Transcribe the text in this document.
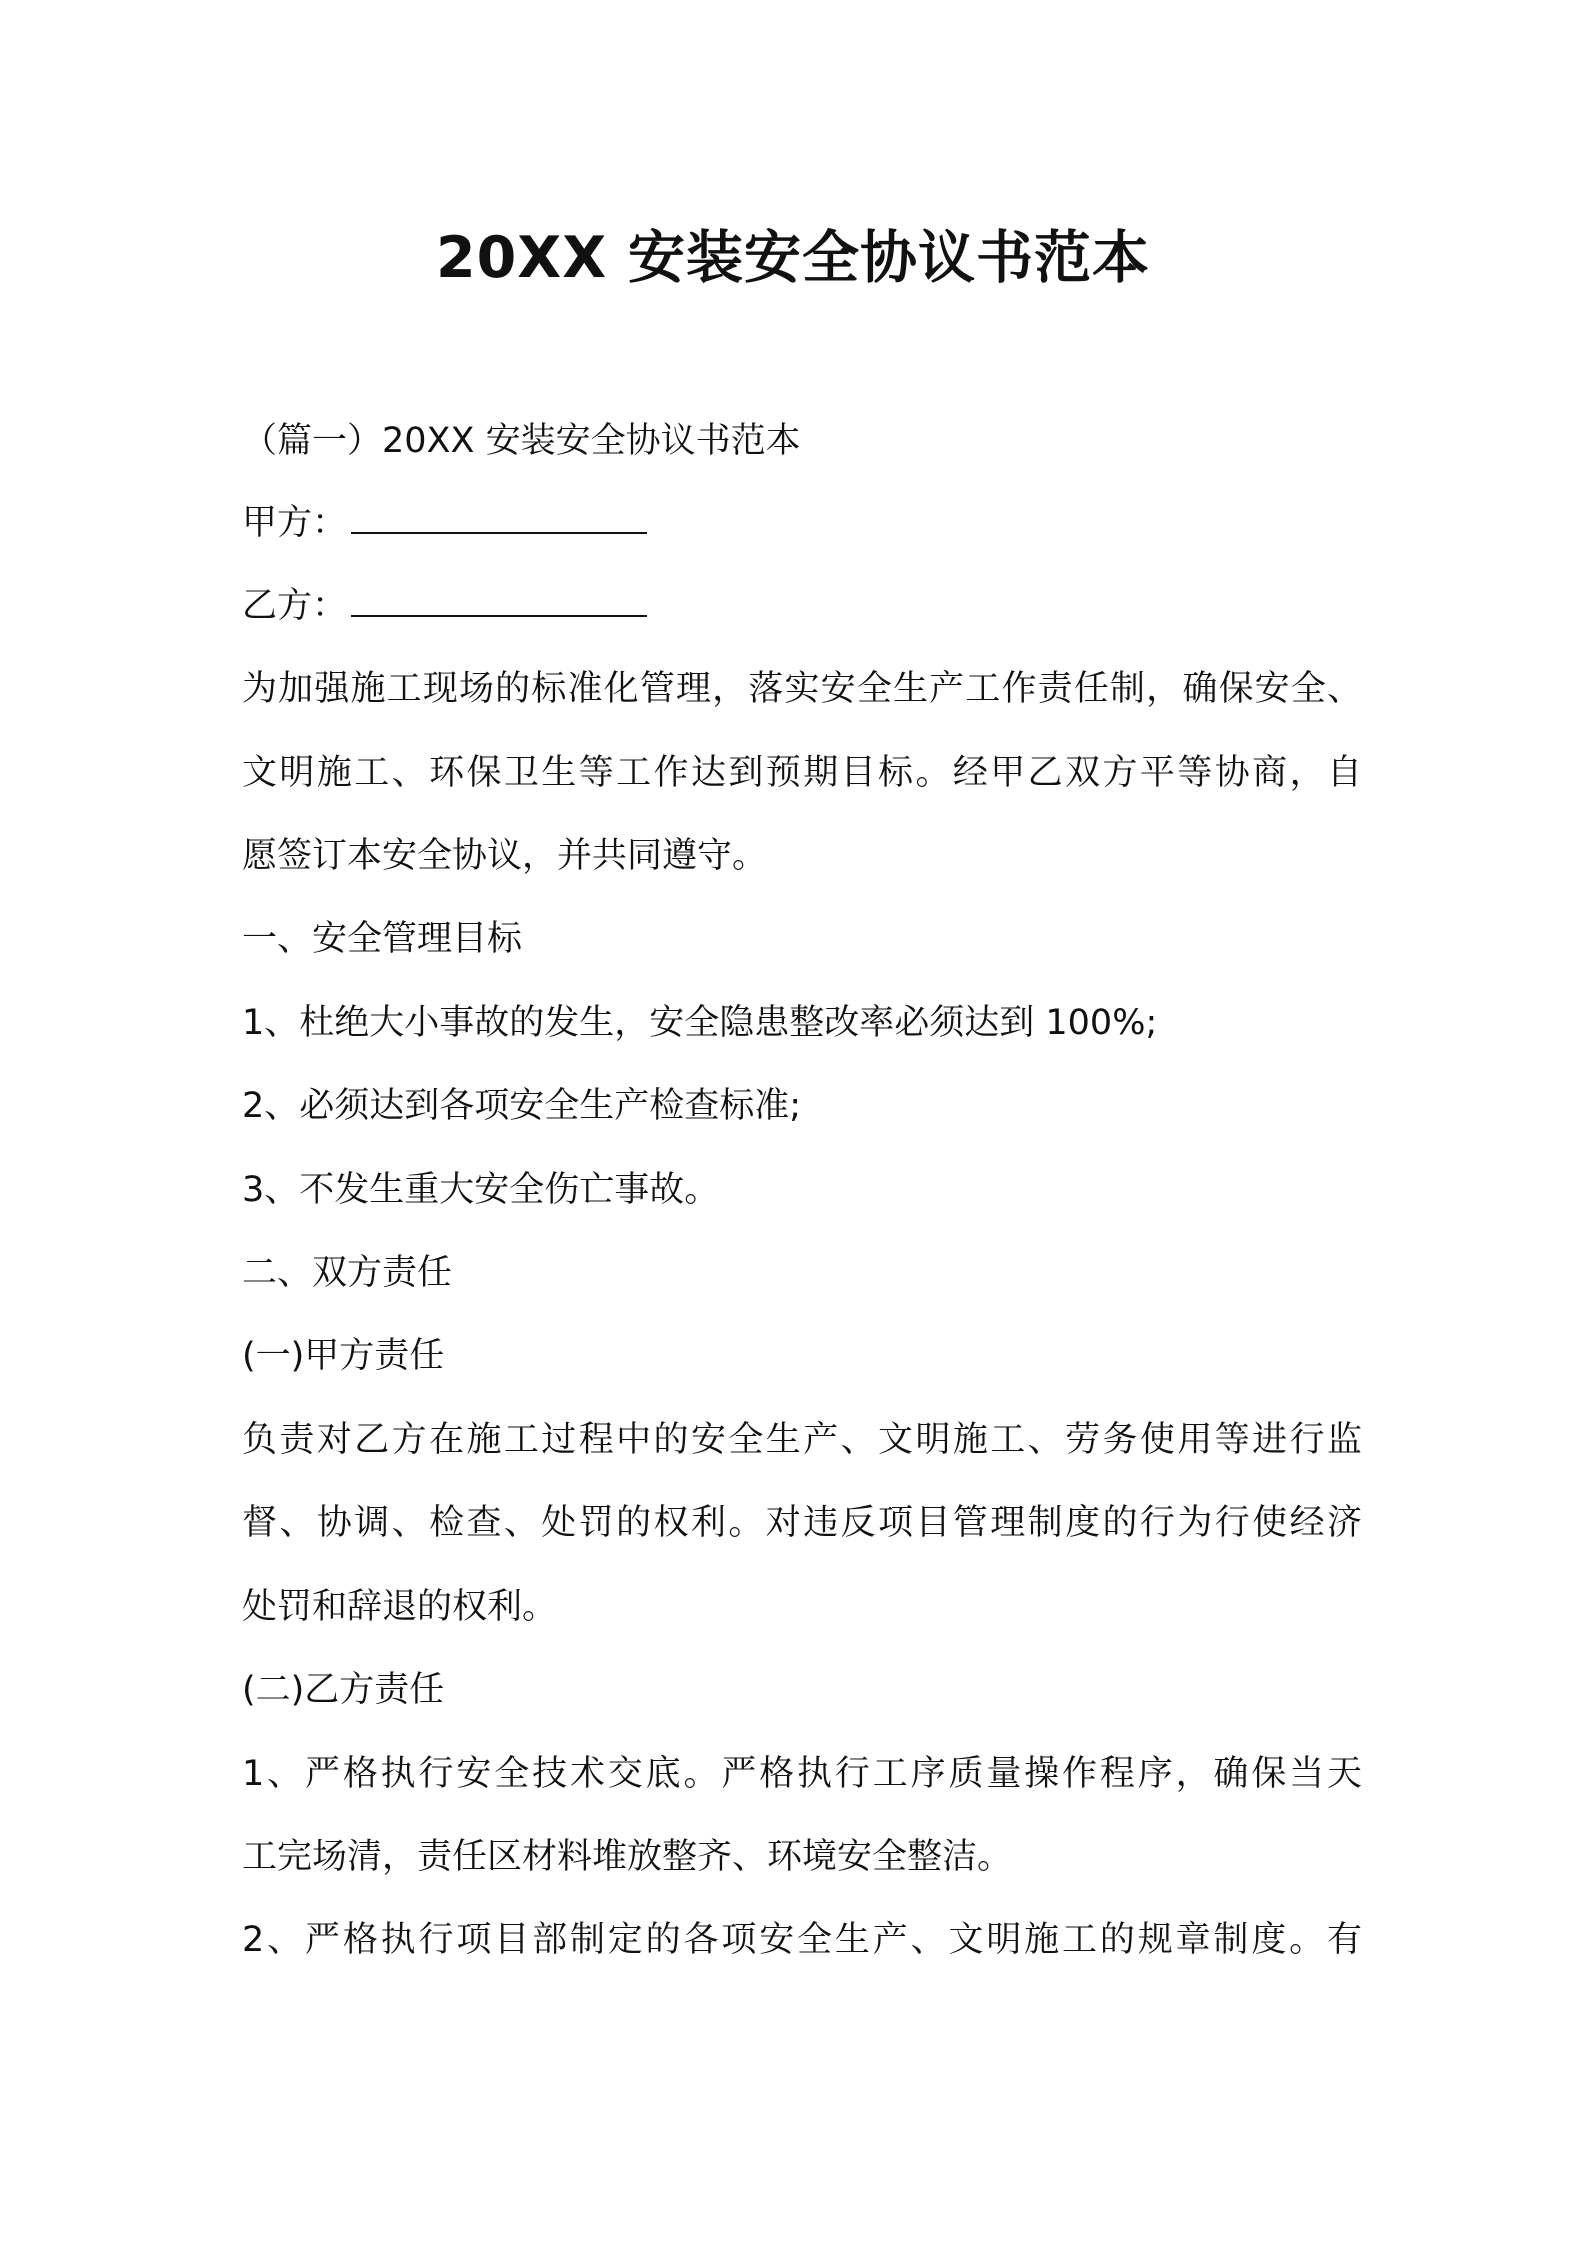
20XX 安装安全协议书范本

（篇一）20XX 安装安全协议书范本

甲方：

乙方：

为加强施工现场的标准化管理，落实安全生产工作责任制，确保安全、

文明施工、环保卫生等工作达到预期目标。经甲乙双方平等协商，自

愿签订本安全协议，并共同遵守。

一、安全管理目标

1、杜绝大小事故的发生，安全隐患整改率必须达到 100%;

2、必须达到各项安全生产检查标准;

3、不发生重大安全伤亡事故。

二、双方责任

(一)甲方责任

负责对乙方在施工过程中的安全生产、文明施工、劳务使用等进行监

督、协调、检查、处罚的权利。对违反项目管理制度的行为行使经济

处罚和辞退的权利。

(二)乙方责任

1、严格执行安全技术交底。严格执行工序质量操作程序，确保当天

工完场清，责任区材料堆放整齐、环境安全整洁。

2、严格执行项目部制定的各项安全生产、文明施工的规章制度。有
